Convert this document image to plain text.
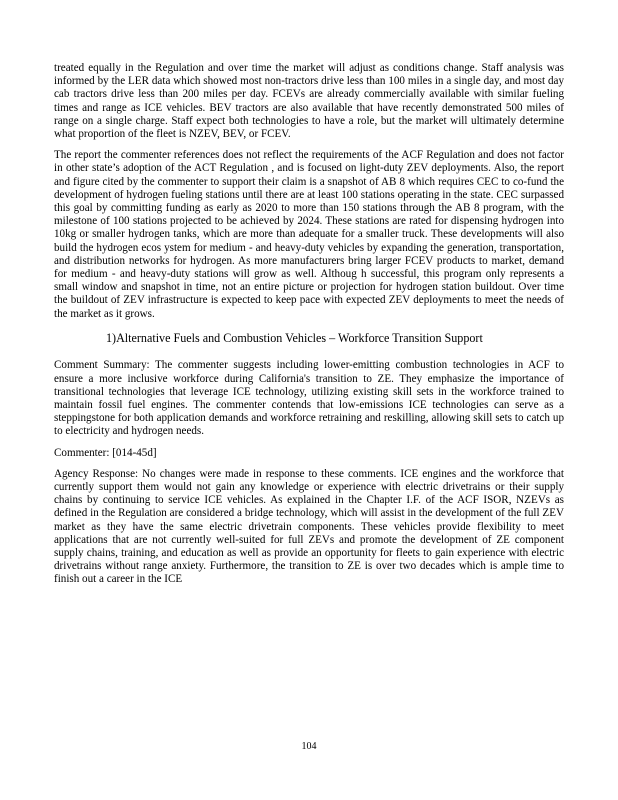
treated equally in the Regulation and over time the market will adjust as conditions change. Staff analysis was informed by the LER data which showed most non-tractors drive less than 100 miles in a single day, and most day cab tractors drive less than 200 miles per day. FCEVs are already commercially available with similar fueling times and range as ICE vehicles. BEV tractors are also available that have recently demonstrated 500 miles of range on a single charge. Staff expect both technologies to have a role, but the market will ultimately determine what proportion of the fleet is NZEV, BEV, or FCEV.

The report the commenter references does not reflect the requirements of the ACF Regulation and does not factor in other state’s adoption of the ACT Regulation , and is focused on light-duty ZEV deployments. Also, the report and figure cited by the commenter to support their claim is a snapshot of AB 8 which requires CEC to co-fund the development of hydrogen fueling stations until there are at least 100 stations operating in the state. CEC surpassed this goal by committing funding as early as 2020 to more than 150 stations through the AB 8 program, with the milestone of 100 stations projected to be achieved by 2024. These stations are rated for dispensing hydrogen into 10kg or smaller hydrogen tanks, which are more than adequate for a smaller truck. These developments will also build the hydrogen ecos ystem for medium - and heavy-duty vehicles by expanding the generation, transportation, and distribution networks for hydrogen. As more manufacturers bring larger FCEV products to market, demand for medium - and heavy-duty stations will grow as well. Althoug h successful, this program only represents a small window and snapshot in time, not an entire picture or projection for hydrogen station buildout. Over time the buildout of ZEV infrastructure is expected to keep pace with expected ZEV deployments to meet the needs of the market as it grows.

1)Alternative Fuels and Combustion Vehicles – Workforce Transition Support

Comment Summary: The commenter suggests including lower-emitting combustion technologies in ACF to ensure a more inclusive workforce during California's transition to ZE. They emphasize the importance of transitional technologies that leverage ICE technology, utilizing existing skill sets in the workforce trained to maintain fossil fuel engines. The commenter contends that low-emissions ICE technologies can serve as a steppingstone for both application demands and workforce retraining and reskilling, allowing skill sets to catch up to electricity and hydrogen needs.

Commenter: [014-45d]

Agency Response: No changes were made in response to these comments. ICE engines and the workforce that currently support them would not gain any knowledge or experience with electric drivetrains or their supply chains by continuing to service ICE vehicles. As explained in the Chapter I.F. of the ACF ISOR, NZEVs as defined in the Regulation are considered a bridge technology, which will assist in the development of the full ZEV market as they have the same electric drivetrain components. These vehicles provide flexibility to meet applications that are not currently well-suited for full ZEVs and promote the development of ZE component supply chains, training, and education as well as provide an opportunity for fleets to gain experience with electric drivetrains without range anxiety. Furthermore, the transition to ZE is over two decades which is ample time to finish out a career in the ICE

104
